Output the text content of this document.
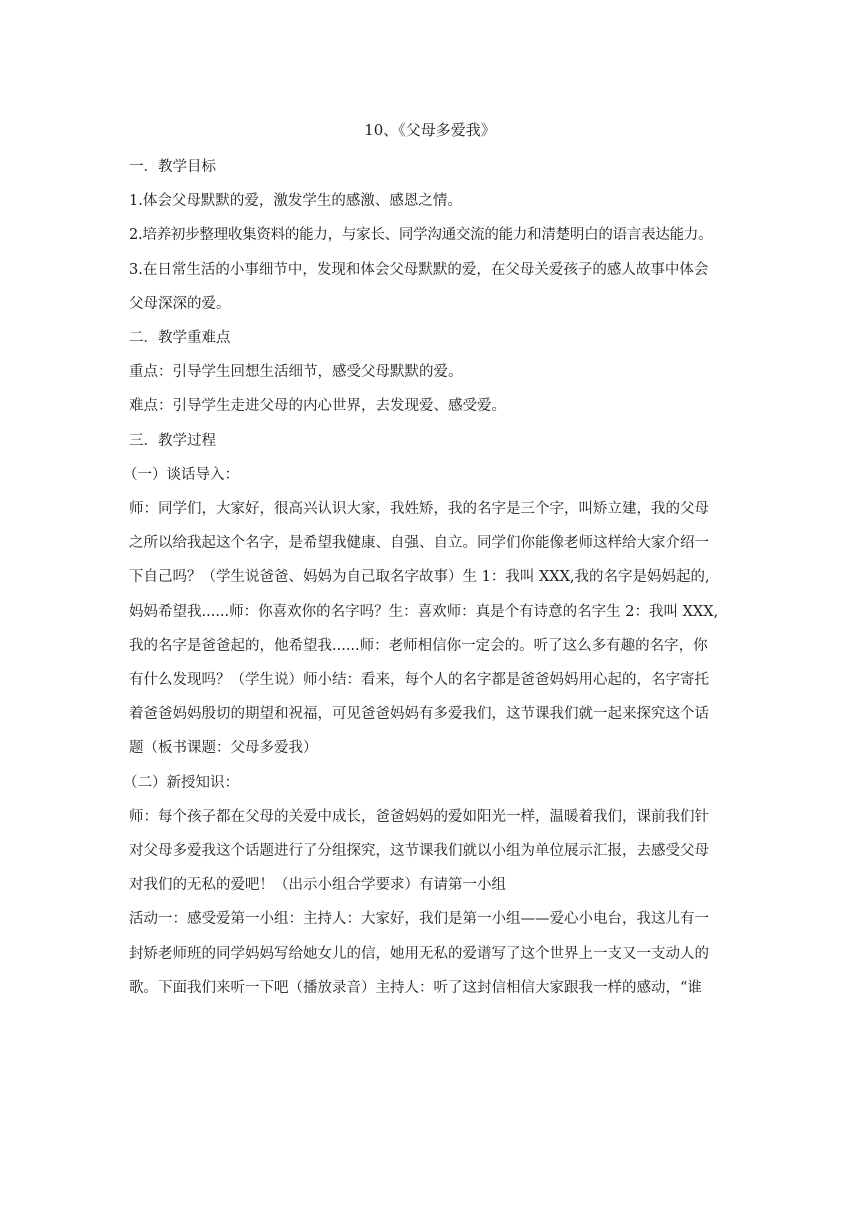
10、《父母多爱我》

一．教学目标

1.体会父母默默的爱，激发学生的感激、感恩之情。

2.培养初步整理收集资料的能力，与家长、同学沟通交流的能力和清楚明白的语言表达能力。

3.在日常生活的小事细节中，发现和体会父母默默的爱，在父母关爱孩子的感人故事中体会
父母深深的爱。

二．教学重难点

重点：引导学生回想生活细节，感受父母默默的爱。

难点：引导学生走进父母的内心世界，去发现爱、感受爱。

三．教学过程

（一）谈话导入：

师：同学们，大家好，很高兴认识大家，我姓矫，我的名字是三个字，叫矫立建，我的父母
之所以给我起这个名字，是希望我健康、自强、自立。同学们你能像老师这样给大家介绍一
下自己吗？（学生说爸爸、妈妈为自己取名字故事）生 1：我叫 XXX,我的名字是妈妈起的,
妈妈希望我......师：你喜欢你的名字吗？生：喜欢师：真是个有诗意的名字生 2：我叫 XXX,
我的名字是爸爸起的，他希望我......师：老师相信你一定会的。听了这么多有趣的名字，你
有什么发现吗？（学生说）师小结：看来，每个人的名字都是爸爸妈妈用心起的，名字寄托
着爸爸妈妈殷切的期望和祝福，可见爸爸妈妈有多爱我们，这节课我们就一起来探究这个话
题（板书课题：父母多爱我）

（二）新授知识：

师：每个孩子都在父母的关爱中成长，爸爸妈妈的爱如阳光一样，温暖着我们，课前我们针
对父母多爱我这个话题进行了分组探究，这节课我们就以小组为单位展示汇报，去感受父母
对我们的无私的爱吧！（出示小组合学要求）有请第一小组
活动一：感受爱第一小组：主持人：大家好，我们是第一小组——爱心小电台，我这儿有一
封矫老师班的同学妈妈写给她女儿的信，她用无私的爱谱写了这个世界上一支又一支动人的
歌。下面我们来听一下吧（播放录音）主持人：听了这封信相信大家跟我一样的感动，“谁
